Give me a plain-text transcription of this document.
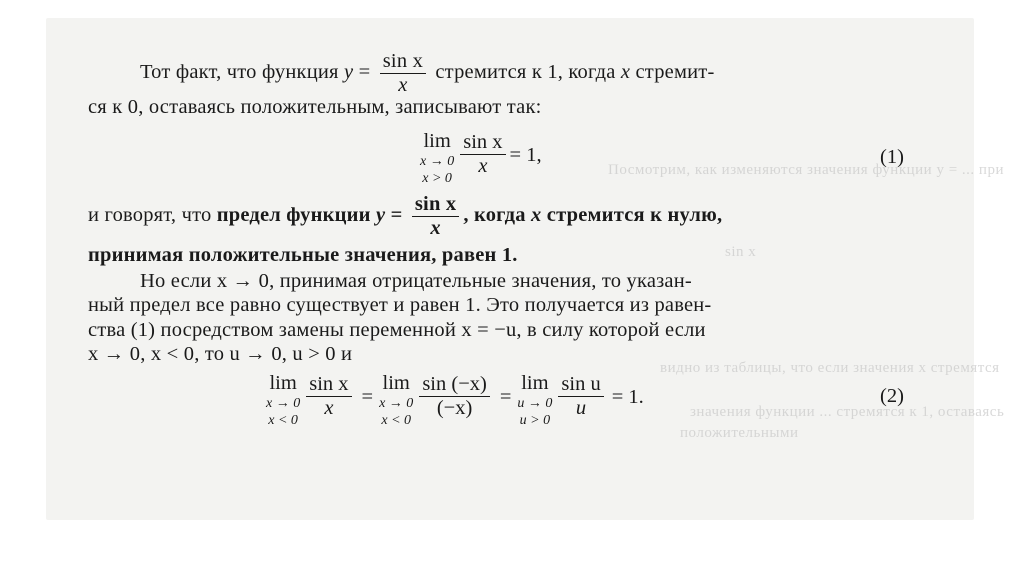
Посмотрим, как изменяются значения функции y = ... при
sin x
видно из таблицы, что если значения x стремятся
значения функции ... стремятся к 1, оставаясь
положительными
Тот факт, что функция $y = \frac{\text{sin x}}{x}$ стремится к 1, когда x стремит-
ся к 0, оставаясь положительным, записывают так:
lim
x → 0
x > 0
$\frac{\text{sin x}}{x} = 1$,	(1)
и говорят, что предел функции $y = \frac{\text{sin x}}{x}$ , когда x стремится к нулю,
принимая положительные значения, равен 1.
Но если x → 0, принимая отрицательные значения, то указан-
ный предел все равно существует и равен 1. Это получается из равен-
ства (1) посредством замены переменной x = −u, в силу которой если
x → 0, x < 0, то u → 0, u > 0 и
lim
x → 0
x < 0
$\frac{\text{sin x}}{x}$ =
lim
x → 0
x < 0
$\frac{\sin (-x)}{(-x)}$ =
lim
u → 0
u > 0
$\frac{\text{sin u}}{u} = 1$.	(2)
